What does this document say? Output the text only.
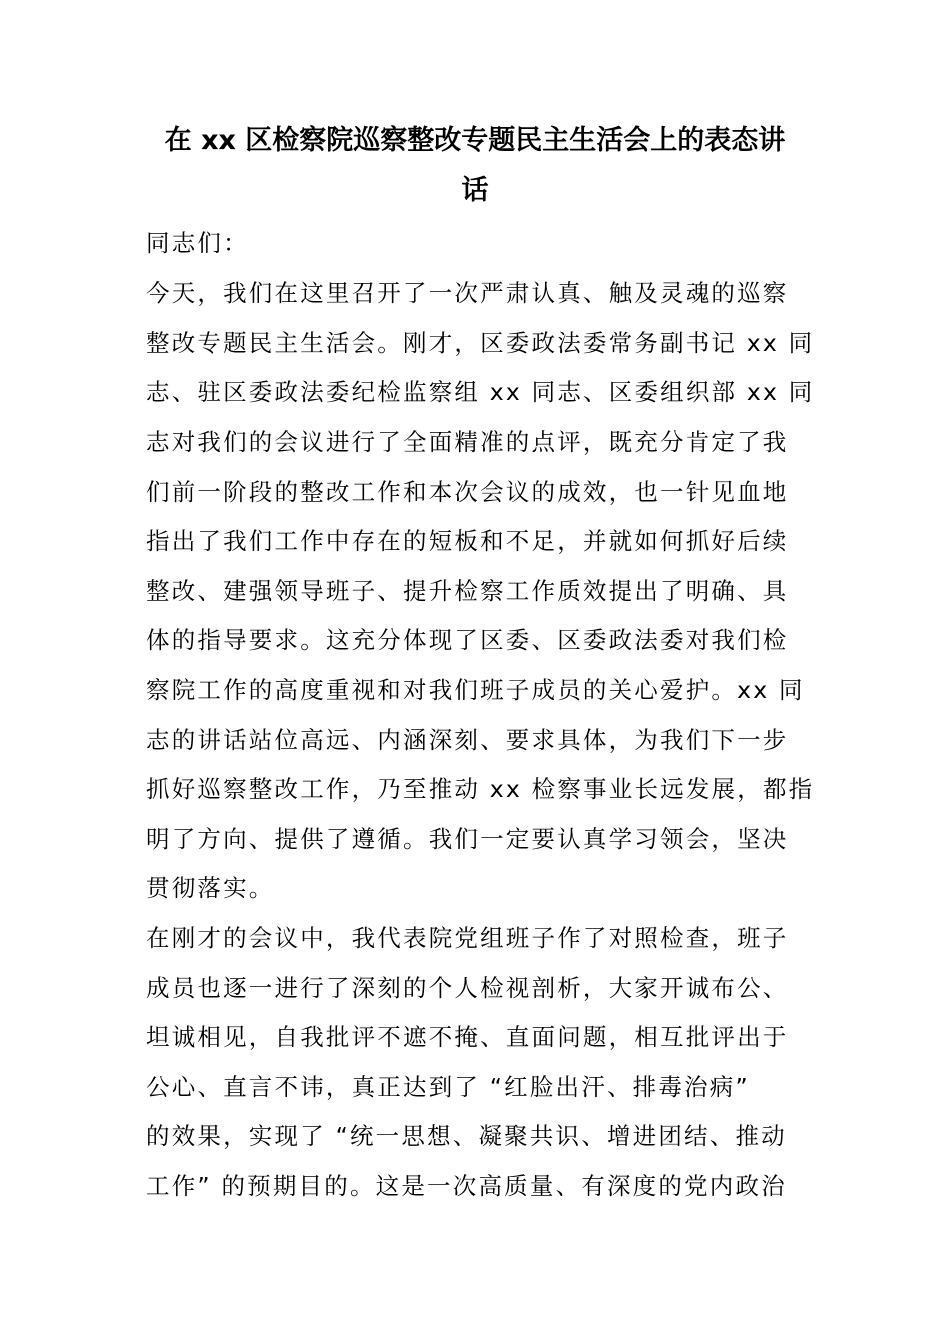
在 xx 区检察院巡察整改专题民主生活会上的表态讲
话

同志们：

今天，我们在这里召开了一次严肃认真、触及灵魂的巡察

整改专题民主生活会。刚才，区委政法委常务副书记 xx 同

志、驻区委政法委纪检监察组 xx 同志、区委组织部 xx 同

志对我们的会议进行了全面精准的点评，既充分肯定了我

们前一阶段的整改工作和本次会议的成效，也一针见血地

指出了我们工作中存在的短板和不足，并就如何抓好后续

整改、建强领导班子、提升检察工作质效提出了明确、具

体的指导要求。这充分体现了区委、区委政法委对我们检

察院工作的高度重视和对我们班子成员的关心爱护。xx 同

志的讲话站位高远、内涵深刻、要求具体，为我们下一步

抓好巡察整改工作，乃至推动 xx 检察事业长远发展，都指

明了方向、提供了遵循。我们一定要认真学习领会，坚决

贯彻落实。

在刚才的会议中，我代表院党组班子作了对照检查，班子

成员也逐一进行了深刻的个人检视剖析，大家开诚布公、

坦诚相见，自我批评不遮不掩、直面问题，相互批评出于

公心、直言不讳，真正达到了 “红脸出汗、排毒治病”

的效果，实现了 “统一思想、凝聚共识、增进团结、推动

工作” 的预期目的。这是一次高质量、有深度的党内政治
